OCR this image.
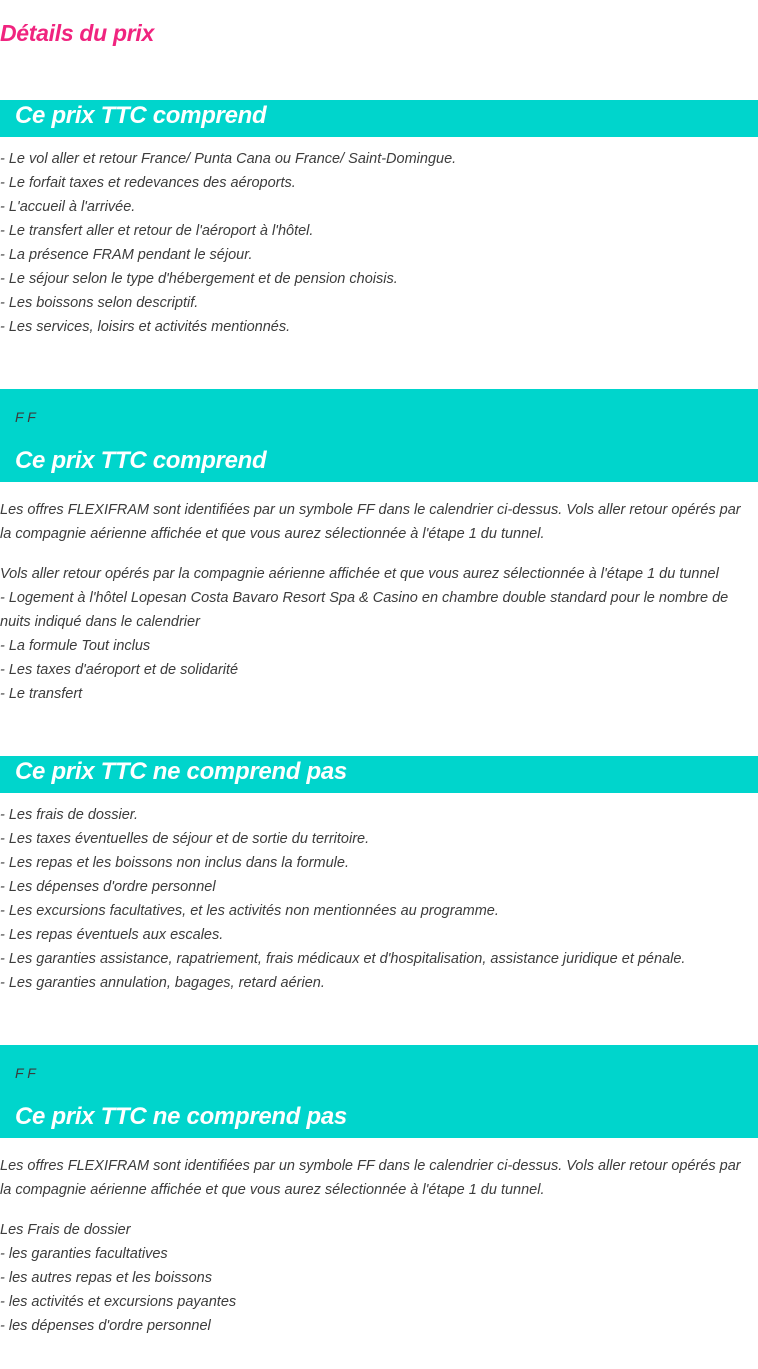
Détails du prix
Ce prix TTC comprend
- Le vol aller et retour France/ Punta Cana ou France/ Saint-Domingue.
- Le forfait taxes et redevances des aéroports.
- L'accueil à l'arrivée.
- Le transfert aller et retour de l'aéroport à l'hôtel.
- La présence FRAM pendant le séjour.
- Le séjour selon le type d'hébergement et de pension choisis.
- Les boissons selon descriptif.
- Les services, loisirs et activités mentionnés.
F F
Ce prix TTC comprend

Les offres FLEXIFRAM sont identifiées par un symbole FF dans le calendrier ci-dessus. Vols aller retour opérés par la compagnie aérienne affichée et que vous aurez sélectionnée à l'étape 1 du tunnel.

Vols aller retour opérés par la compagnie aérienne affichée et que vous aurez sélectionnée à l'étape 1 du tunnel
- Logement à l'hôtel Lopesan Costa Bavaro Resort Spa & Casino en chambre double standard pour le nombre de nuits indiqué dans le calendrier
- La formule Tout inclus
- Les taxes d'aéroport et de solidarité
- Le transfert

Ce prix TTC ne comprend pas
- Les frais de dossier.
- Les taxes éventuelles de séjour et de sortie du territoire.
- Les repas et les boissons non inclus dans la formule.
- Les dépenses d'ordre personnel
- Les excursions facultatives, et les activités non mentionnées au programme.
- Les repas éventuels aux escales.
- Les garanties assistance, rapatriement, frais médicaux et d'hospitalisation, assistance juridique et pénale.
- Les garanties annulation, bagages, retard aérien.
F F
Ce prix TTC ne comprend pas

Les offres FLEXIFRAM sont identifiées par un symbole FF dans le calendrier ci-dessus. Vols aller retour opérés par la compagnie aérienne affichée et que vous aurez sélectionnée à l'étape 1 du tunnel.

Les Frais de dossier
- les garanties facultatives
- les autres repas et les boissons
- les activités et excursions payantes
- les dépenses d'ordre personnel
